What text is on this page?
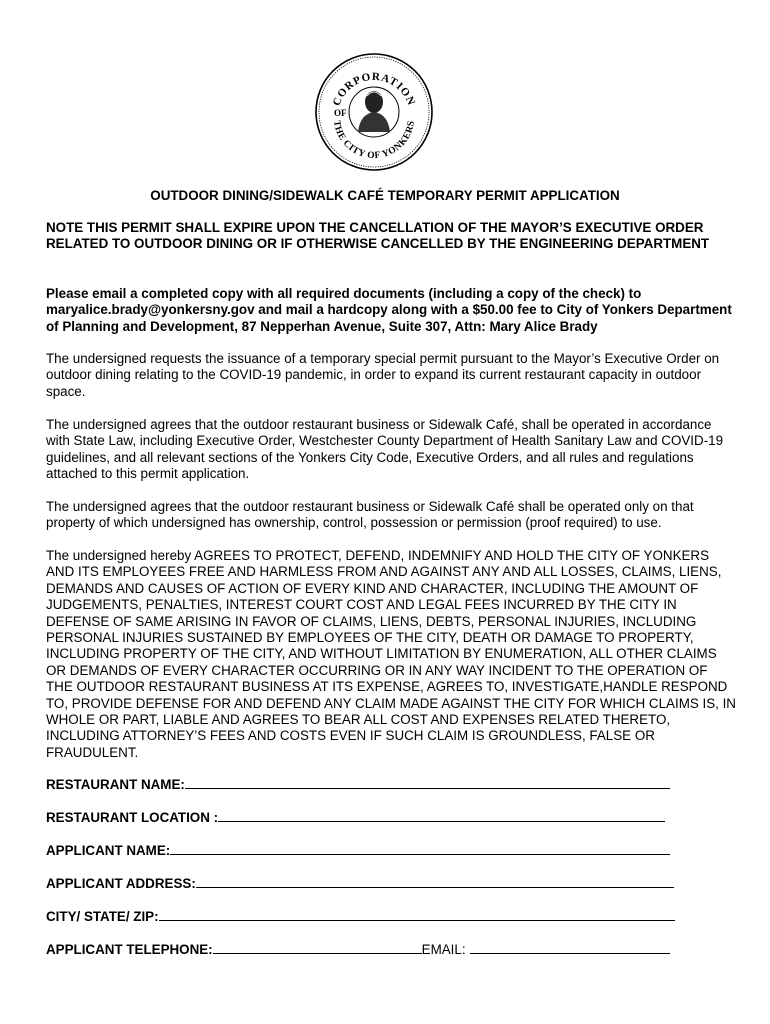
CORPORATION
OF
THE CITY OF YONKERS
OUTDOOR DINING/SIDEWALK CAFÉ TEMPORARY PERMIT APPLICATION
NOTE THIS PERMIT SHALL EXPIRE UPON THE CANCELLATION OF THE MAYOR’S EXECUTIVE ORDER RELATED TO OUTDOOR DINING OR IF OTHERWISE CANCELLED BY THE ENGINEERING DEPARTMENT
Please email a completed copy with all required documents (including a copy of the check) to maryalice.brady@yonkersny.gov and mail a hardcopy along with a $50.00 fee to City of Yonkers Department of Planning and Development, 87 Nepperhan Avenue, Suite 307, Attn: Mary Alice Brady
The undersigned requests the issuance of a temporary special permit pursuant to the Mayor’s Executive Order on outdoor dining relating to the COVID-19 pandemic, in order to expand its current restaurant capacity in outdoor space.
The undersigned agrees that the outdoor restaurant business or Sidewalk Café, shall be operated in accordance with State Law, including Executive Order, Westchester County Department of Health Sanitary Law and COVID-19 guidelines, and all relevant sections of the Yonkers City Code, Executive Orders, and all rules and regulations attached to this permit application.
The undersigned agrees that the outdoor restaurant business or Sidewalk Café shall be operated only on that property of which undersigned has ownership, control, possession or permission (proof required) to use.
The undersigned hereby AGREES TO PROTECT, DEFEND, INDEMNIFY AND HOLD THE CITY OF YONKERS AND ITS EMPLOYEES FREE AND HARMLESS FROM AND AGAINST ANY AND ALL LOSSES, CLAIMS, LIENS, DEMANDS AND CAUSES OF ACTION OF EVERY KIND AND CHARACTER, INCLUDING THE AMOUNT OF JUDGEMENTS, PENALTIES, INTEREST COURT COST AND LEGAL FEES INCURRED BY THE CITY IN DEFENSE OF SAME ARISING IN FAVOR OF CLAIMS, LIENS, DEBTS, PERSONAL INJURIES, INCLUDING PERSONAL INJURIES SUSTAINED BY EMPLOYEES OF THE CITY, DEATH OR DAMAGE TO PROPERTY, INCLUDING PROPERTY OF THE CITY, AND WITHOUT LIMITATION BY ENUMERATION, ALL OTHER CLAIMS OR DEMANDS OF EVERY CHARACTER OCCURRING OR IN ANY WAY INCIDENT TO THE OPERATION OF THE OUTDOOR RESTAURANT BUSINESS AT ITS EXPENSE, AGREES TO, INVESTIGATE,HANDLE RESPOND TO, PROVIDE DEFENSE FOR AND DEFEND ANY CLAIM MADE AGAINST THE CITY FOR WHICH CLAIMS IS, IN WHOLE OR PART, LIABLE AND AGREES TO BEAR ALL COST AND EXPENSES RELATED THERETO, INCLUDING ATTORNEY’S FEES AND COSTS EVEN IF SUCH CLAIM IS GROUNDLESS, FALSE OR FRAUDULENT.
RESTAURANT NAME:
RESTAURANT LOCATION :
APPLICANT NAME:
APPLICANT ADDRESS:
CITY/ STATE/ ZIP:
APPLICANT TELEPHONE:	EMAIL:
